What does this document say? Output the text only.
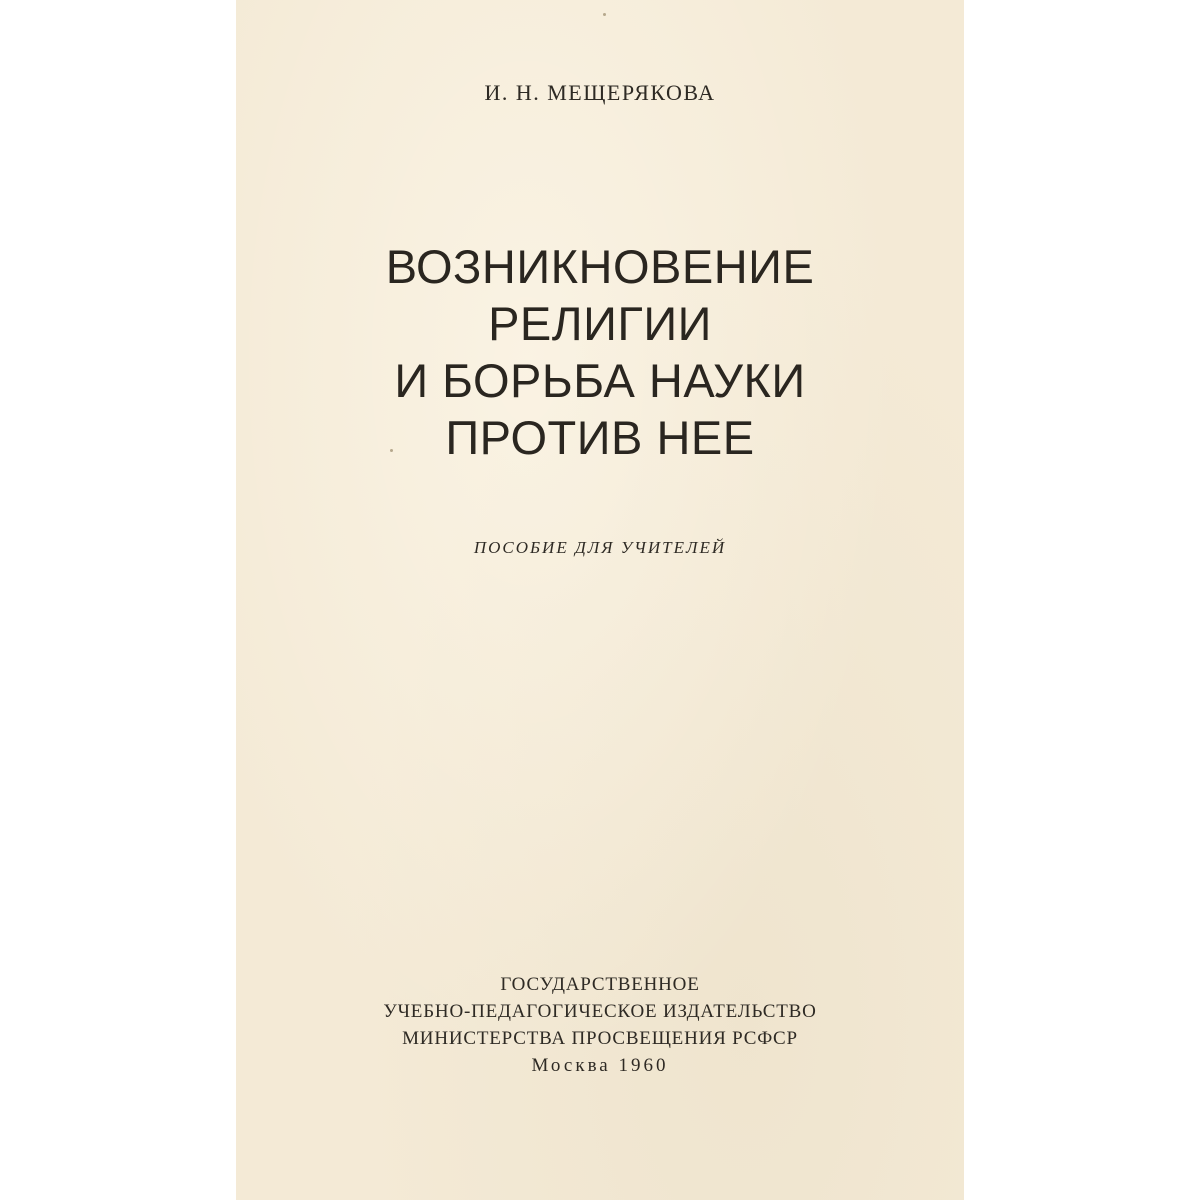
И. Н. МЕЩЕРЯКОВА
ВОЗНИКНОВЕНИЕ
РЕЛИГИИ
И БОРЬБА НАУКИ
ПРОТИВ НЕЕ
ПОСОБИЕ ДЛЯ УЧИТЕЛЕЙ
ГОСУДАРСТВЕННОЕ
УЧЕБНО-ПЕДАГОГИЧЕСКОЕ ИЗДАТЕЛЬСТВО
МИНИСТЕРСТВА ПРОСВЕЩЕНИЯ РСФСР
Москва 1960
